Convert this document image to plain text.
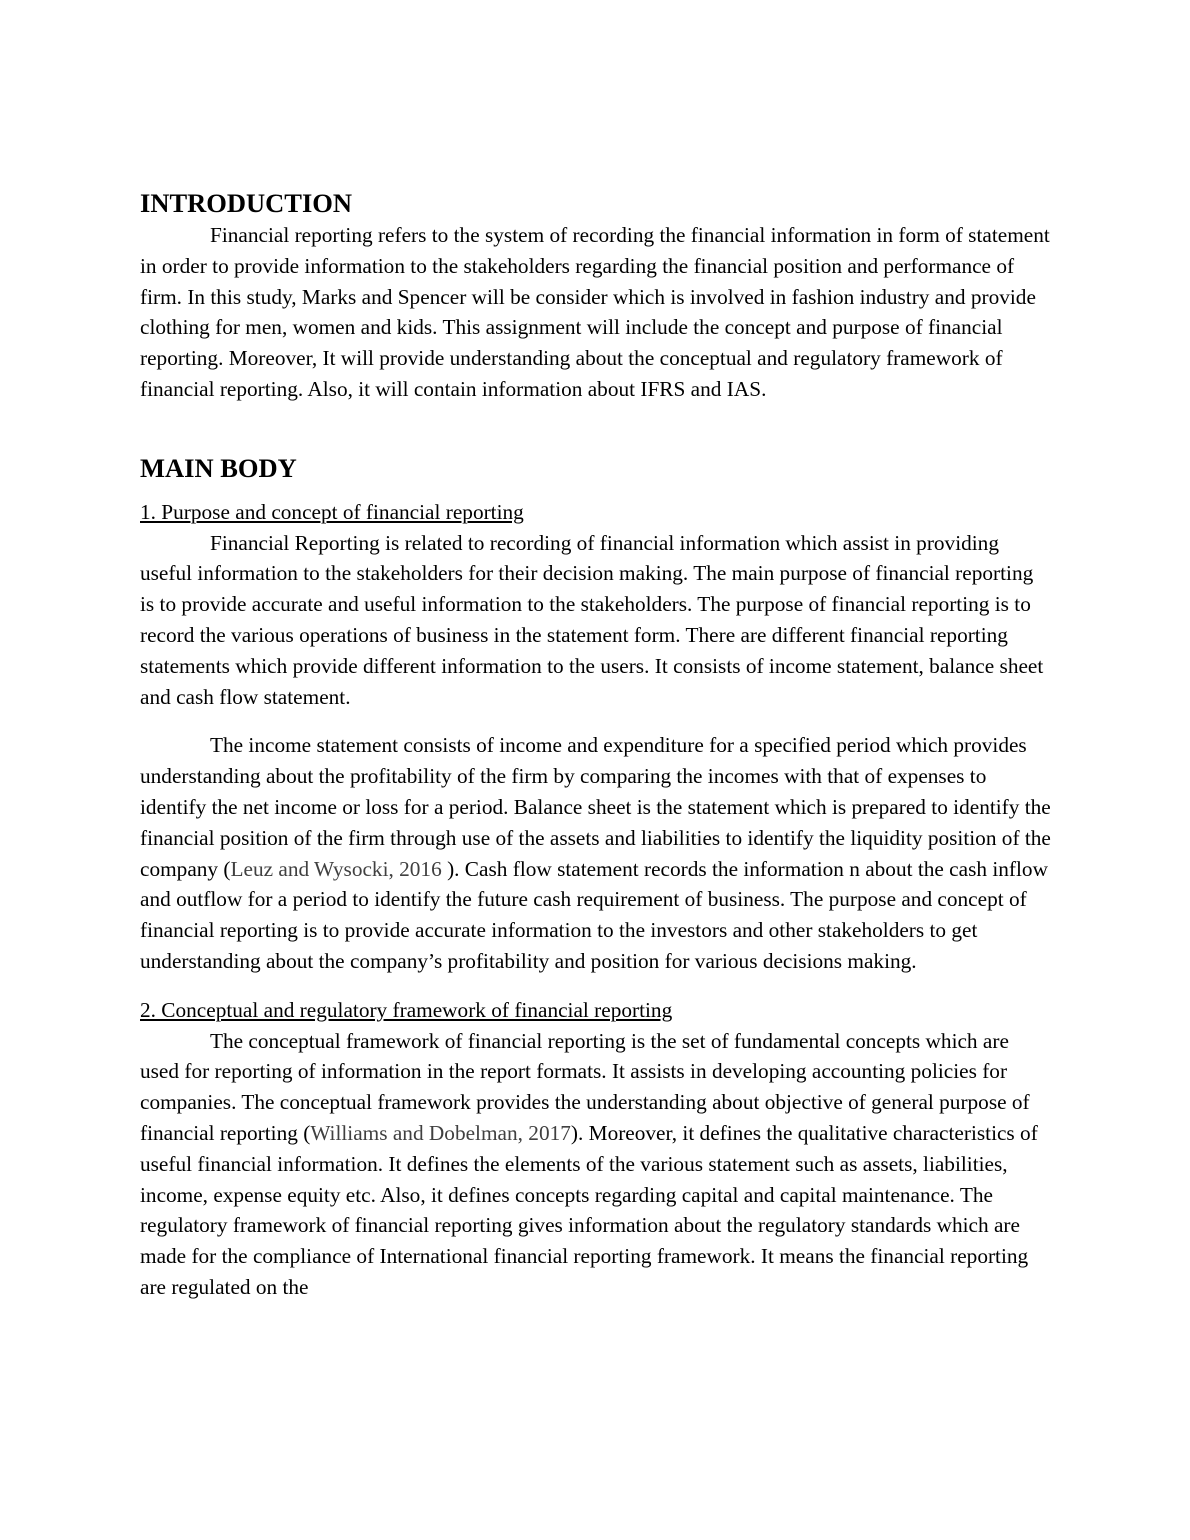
INTRODUCTION

Financial reporting refers to the system of recording the financial information in form of statement in order to provide information to the stakeholders regarding the financial position and performance of firm. In this study, Marks and Spencer will be consider which is involved in fashion industry and provide clothing for men, women and kids. This assignment will include the concept and purpose of financial reporting. Moreover, It will provide understanding about the conceptual and regulatory framework of financial reporting. Also, it will contain information about IFRS and IAS.

MAIN BODY

1. Purpose and concept of financial reporting

Financial Reporting is related to recording of financial information which assist in providing useful information to the stakeholders for their decision making. The main purpose of financial reporting is to provide accurate and useful information to the stakeholders. The purpose of financial reporting is to record the various operations of business in the statement form. There are different financial reporting statements which provide different information to the users. It consists of income statement, balance sheet and cash flow statement.

The income statement consists of income and expenditure for a specified period which provides understanding about the profitability of the firm by comparing the incomes with that of expenses to identify the net income or loss for a period. Balance sheet is the statement which is prepared to identify the financial position of the firm through use of the assets and liabilities to identify the liquidity position of the company (Leuz and Wysocki, 2016 ). Cash flow statement records the information n about the cash inflow and outflow for a period to identify the future cash requirement of business. The purpose and concept of financial reporting is to provide accurate information to the investors and other stakeholders to get understanding about the company’s profitability and position for various decisions making.

2. Conceptual and regulatory framework of financial reporting

The conceptual framework of financial reporting is the set of fundamental concepts which are used for reporting of information in the report formats. It assists in developing accounting policies for companies. The conceptual framework provides the understanding about objective of general purpose of financial reporting (Williams and Dobelman, 2017). Moreover, it defines the qualitative characteristics of useful financial information. It defines the elements of the various statement such as assets, liabilities, income, expense equity etc. Also, it defines concepts regarding capital and capital maintenance. The regulatory framework of financial reporting gives information about the regulatory standards which are made for the compliance of International financial reporting framework. It means the financial reporting are regulated on the
